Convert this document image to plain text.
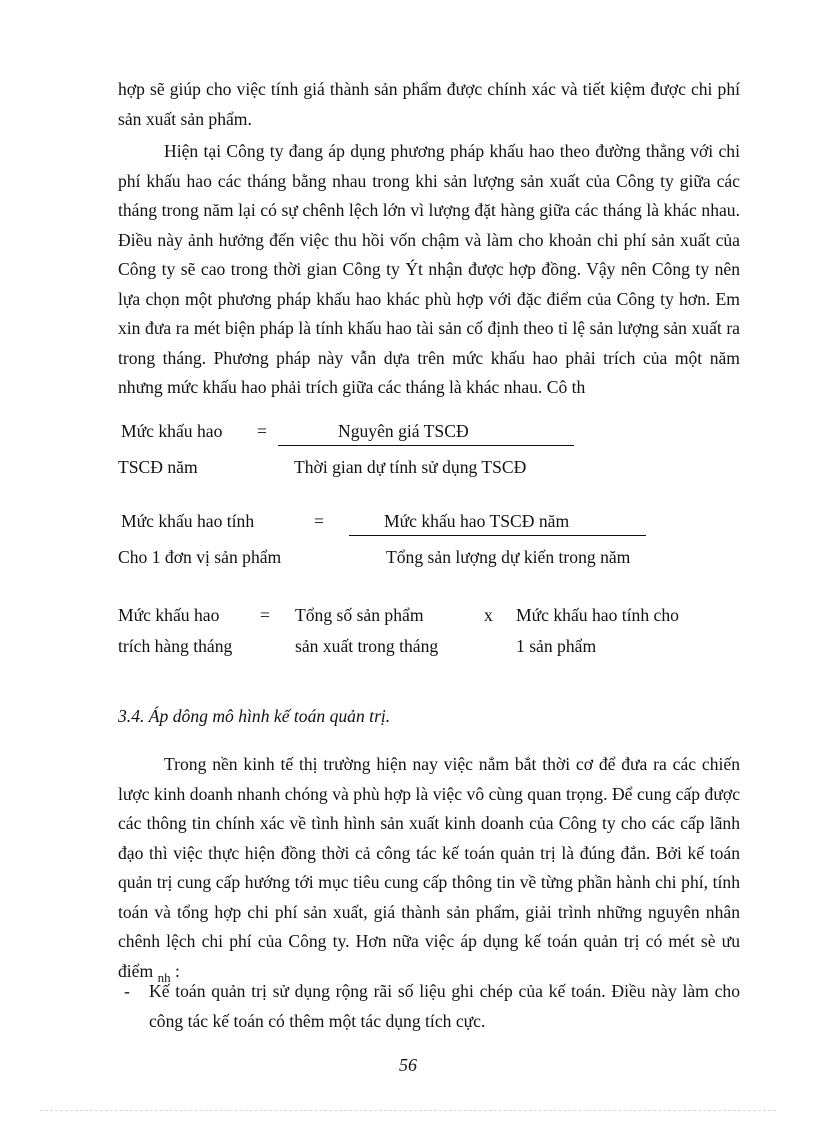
hợp sẽ giúp cho việc tính giá thành sản phẩm được chính xác và tiết kiệm được chi phí sản xuất sản phẩm.

Hiện tại Công ty đang áp dụng phương pháp khấu hao theo đường thẳng với chi phí khấu hao các tháng bằng nhau trong khi sản lượng sản xuất của Công ty giữa các tháng trong năm lại có sự chênh lệch lớn vì lượng đặt hàng giữa các tháng là khác nhau. Điều này ảnh hưởng đến việc thu hồi vốn chậm và làm cho khoản chi phí sản xuất của Công ty sẽ cao trong thời gian Công ty Ýt nhận được hợp đồng. Vậy nên Công ty nên lựa chọn một phương pháp khấu hao khác phù hợp với đặc điểm của Công ty hơn. Em xin đưa ra mét biện pháp là tính khấu hao tài sản cố định theo tỉ lệ sản lượng sản xuất ra trong tháng. Phương pháp này vẫn dựa trên mức khấu hao phải trích của một năm nhưng mức khấu hao phải trích giữa các tháng là khác nhau. Cô th

Mức khấu hao =	Nguyên giá TSCĐ
TSCĐ năm	Thời gian dự tính sử dụng TSCĐ
Mức khấu hao tính	=	Mức khấu hao TSCĐ năm
Cho 1 đơn vị sản phẩm	Tổng sản lượng dự kiến trong năm
Mức khấu hao = Tổng số sản phẩm	x Mức khấu hao tính cho
trích hàng tháng	sản xuất trong tháng	1 sản phẩm
3.4. Áp dông mô hình kế toán quản trị.

Trong nền kinh tế thị trường hiện nay việc nắm bắt thời cơ để đưa ra các chiến lược kinh doanh nhanh chóng và phù hợp là việc vô cùng quan trọng. Để cung cấp được các thông tin chính xác về tình hình sản xuất kinh doanh của Công ty cho các cấp lãnh đạo thì việc thực hiện đồng thời cả công tác kế toán quản trị là đúng đắn. Bởi kế toán quản trị cung cấp hướng tới mục tiêu cung cấp thông tin về từng phần hành chi phí, tính toán và tổng hợp chi phí sản xuất, giá thành sản phẩm, giải trình những nguyên nhân chênh lệch chi phí của Công ty. Hơn nữa việc áp dụng kế toán quản trị có mét sè ưu điểm $_{nh}$ :

- Kế toán quản trị sử dụng rộng rãi số liệu ghi chép của kế toán. Điều này làm cho công tác kế toán có thêm một tác dụng tích cực.

56
